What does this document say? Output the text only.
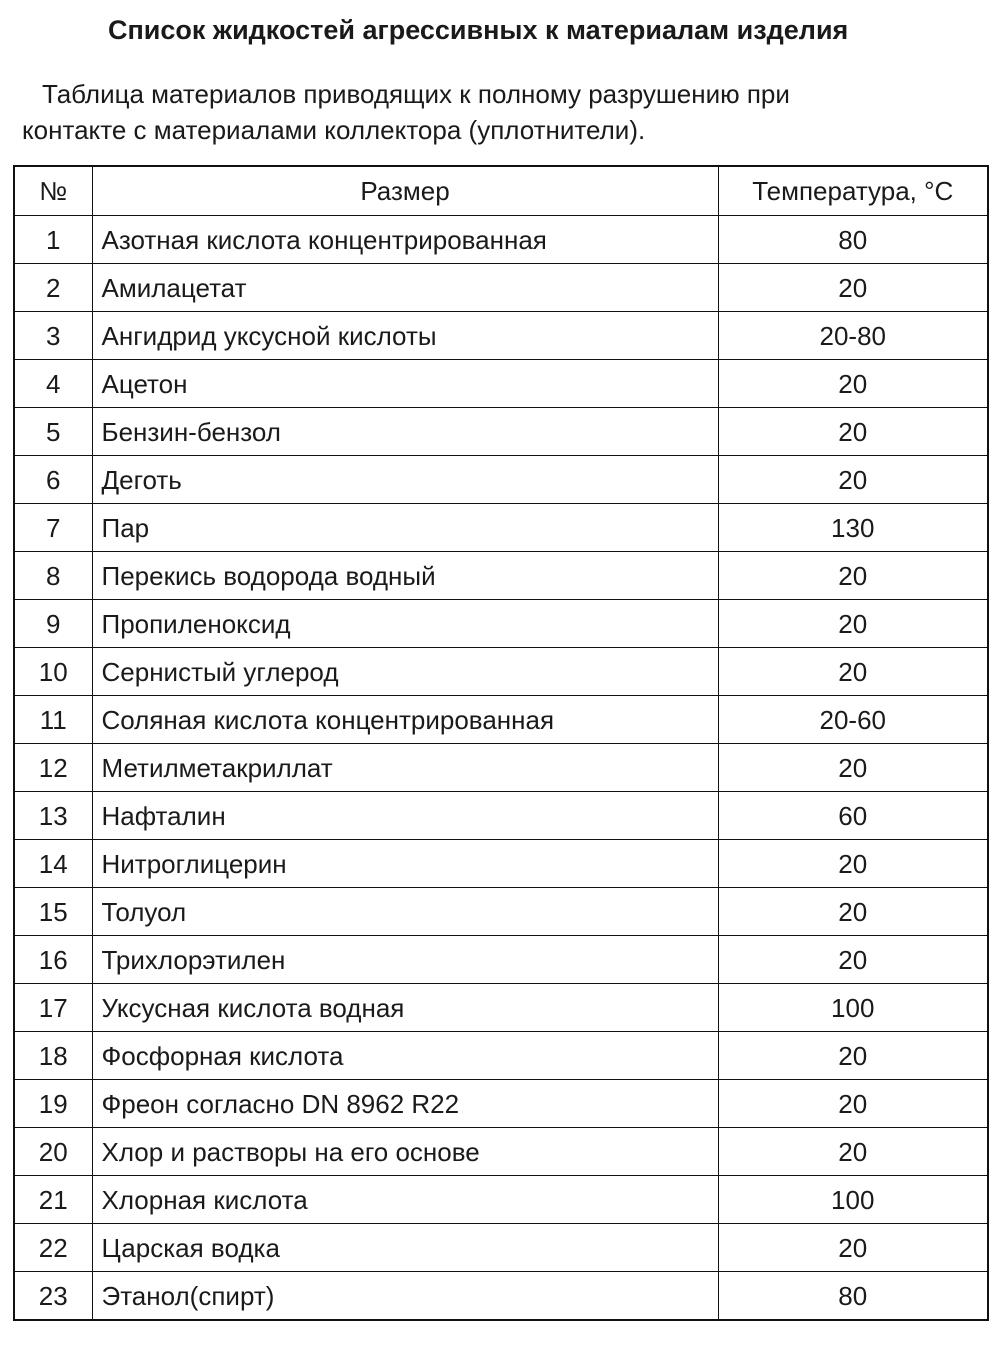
Список жидкостей агрессивных к материалам изделия
Таблица материалов приводящих к полному разрушению при
контакте с материалами коллектора (уплотнители).
№	Размер	Температура, °С
1	Азотная кислота концентрированная	80
2	Амилацетат	20
3	Ангидрид уксусной кислоты	20-80
4	Ацетон	20
5	Бензин-бензол	20
6	Деготь	20
7	Пар	130
8	Перекись водорода водный	20
9	Пропиленоксид	20
10	Сернистый углерод	20
11	Соляная кислота концентрированная	20-60
12	Метилметакриллат	20
13	Нафталин	60
14	Нитроглицерин	20
15	Толуол	20
16	Трихлорэтилен	20
17	Уксусная кислота водная	100
18	Фосфорная кислота	20
19	Фреон согласно DN 8962 R22	20
20	Хлор и растворы на его основе	20
21	Хлорная кислота	100
22	Царская водка	20
23	Этанол(спирт)	80
